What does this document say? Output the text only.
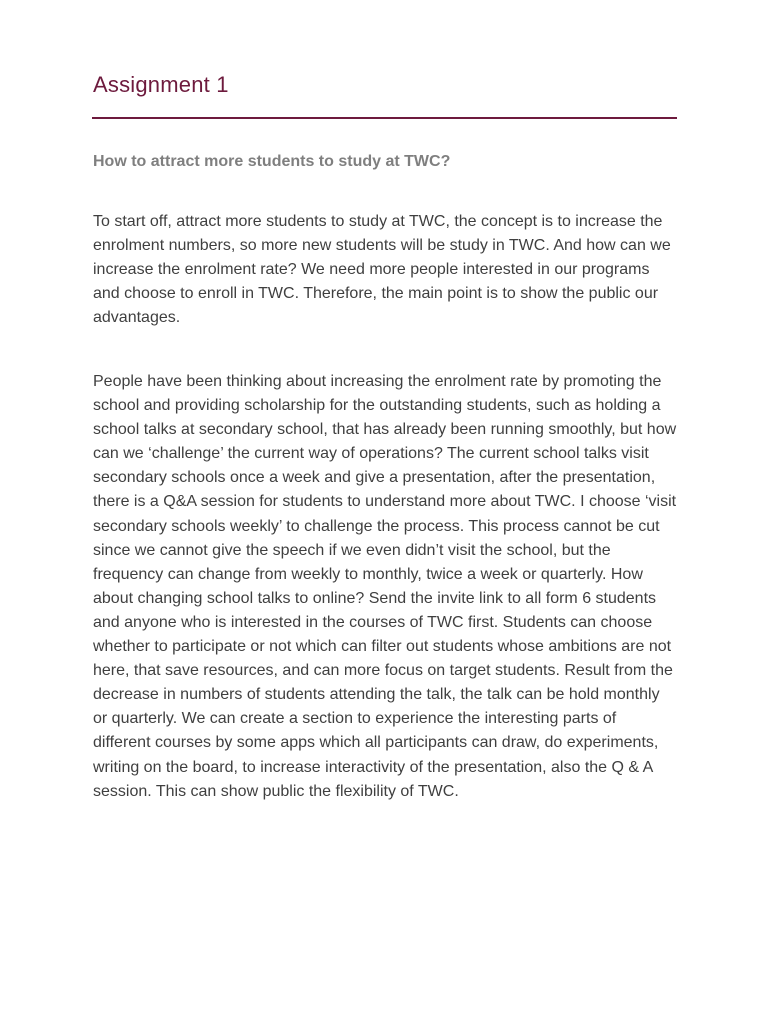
Assignment 1
How to attract more students to study at TWC?

To start off, attract more students to study at TWC, the concept is to increase the enrolment numbers, so more new students will be study in TWC. And how can we increase the enrolment rate? We need more people interested in our programs and choose to enroll in TWC. Therefore, the main point is to show the public our advantages.

People have been thinking about increasing the enrolment rate by promoting the school and providing scholarship for the outstanding students, such as holding a school talks at secondary school, that has already been running smoothly, but how can we ‘challenge’ the current way of operations? The current school talks visit secondary schools once a week and give a presentation, after the presentation, there is a Q&A session for students to understand more about TWC. I choose ‘visit secondary schools weekly’ to challenge the process. This process cannot be cut since we cannot give the speech if we even didn’t visit the school, but the frequency can change from weekly to monthly, twice a week or quarterly. How about changing school talks to online? Send the invite link to all form 6 students and anyone who is interested in the courses of TWC first. Students can choose whether to participate or not which can filter out students whose ambitions are not here, that save resources, and can more focus on target students. Result from the decrease in numbers of students attending the talk, the talk can be hold monthly or quarterly. We can create a section to experience the interesting parts of different courses by some apps which all participants can draw, do experiments, writing on the board, to increase interactivity of the presentation, also the Q & A session. This can show public the flexibility of TWC.
